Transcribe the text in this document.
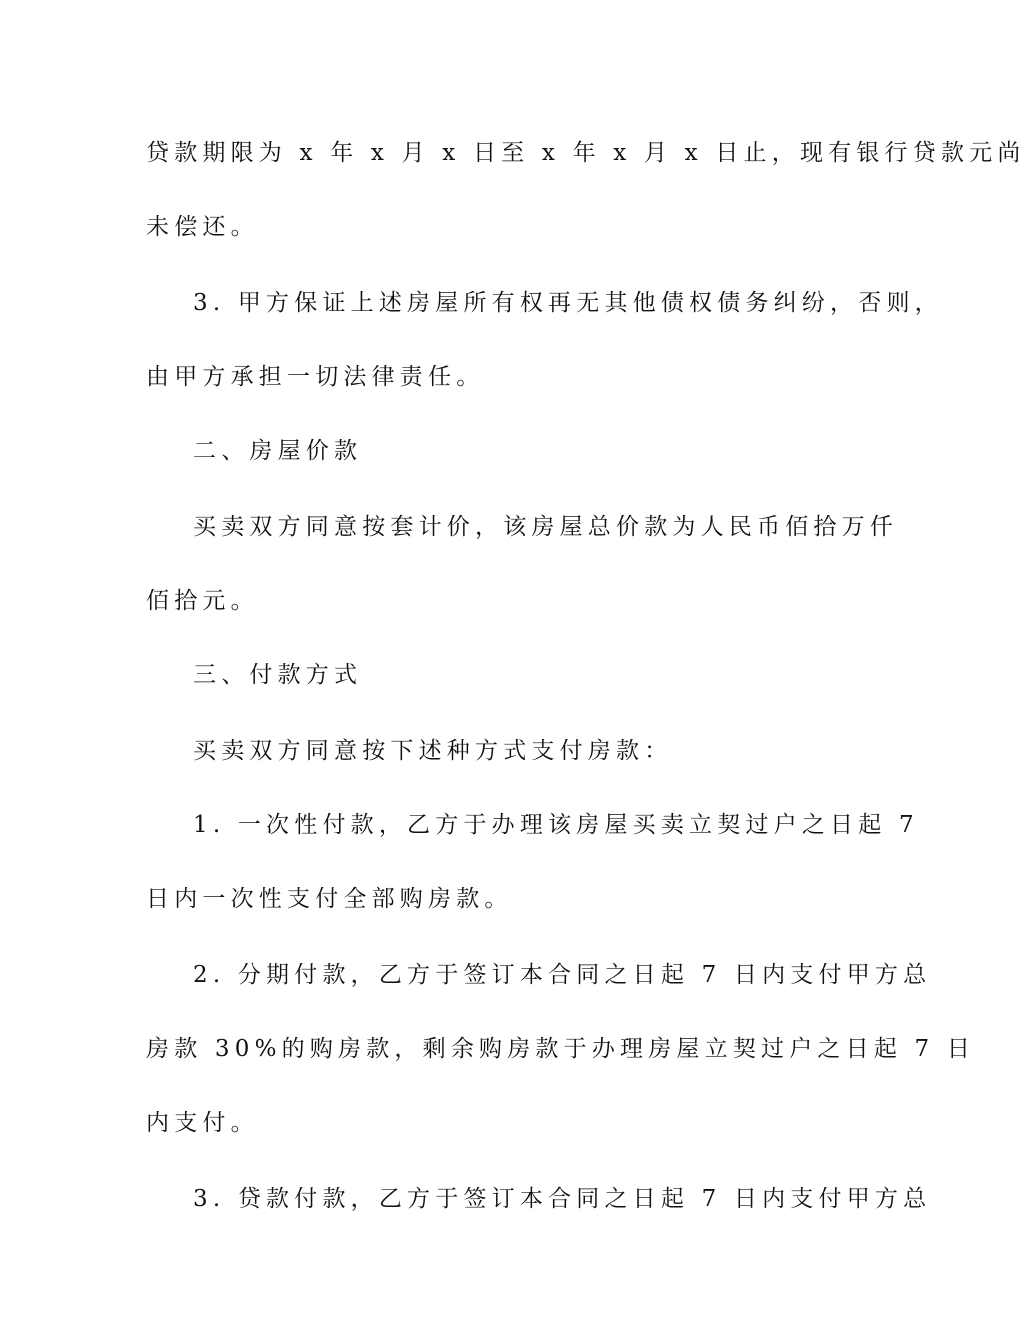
贷款期限为 x 年 x 月 x 日至 x 年 x 月 x 日止，现有银行贷款元尚
未偿还。
3. 甲方保证上述房屋所有权再无其他债权债务纠纷，否则，
由甲方承担一切法律责任。
二、房屋价款
买卖双方同意按套计价，该房屋总价款为人民币佰拾万仟
佰拾元。
三、付款方式
买卖双方同意按下述种方式支付房款：
1. 一次性付款，乙方于办理该房屋买卖立契过户之日起 7
日内一次性支付全部购房款。
2. 分期付款，乙方于签订本合同之日起 7 日内支付甲方总
房款 30%的购房款，剩余购房款于办理房屋立契过户之日起 7 日
内支付。
3. 贷款付款，乙方于签订本合同之日起 7 日内支付甲方总
